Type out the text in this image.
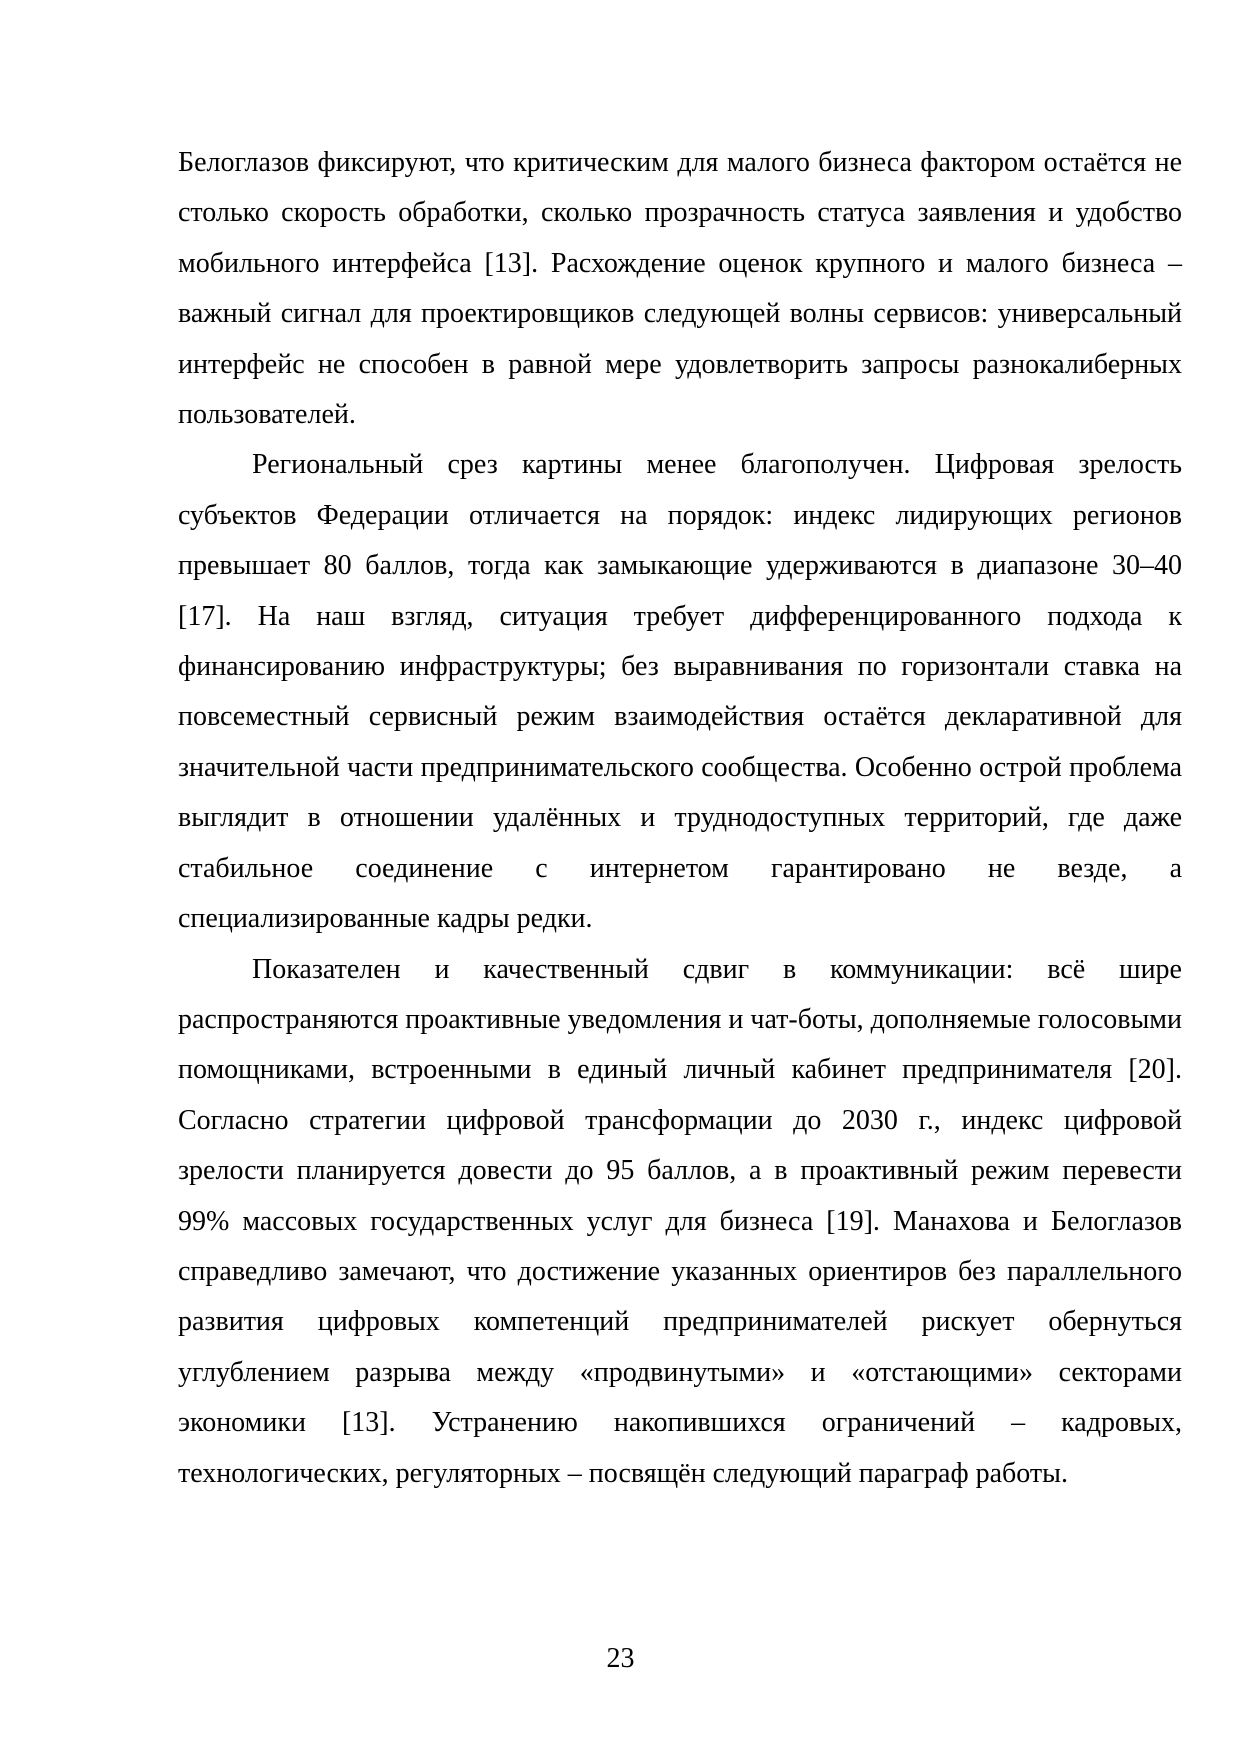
Белоглазов фиксируют, что критическим для малого бизнеса фактором остаётся не столько скорость обработки, сколько прозрачность статуса заявления и удобство мобильного интерфейса [13]. Расхождение оценок крупного и малого бизнеса – важный сигнал для проектировщиков следующей волны сервисов: универсальный интерфейс не способен в равной мере удовлетворить запросы разнокалиберных пользователей.

Региональный срез картины менее благополучен. Цифровая зрелость субъектов Федерации отличается на порядок: индекс лидирующих регионов превышает 80 баллов, тогда как замыкающие удерживаются в диапазоне 30–40 [17]. На наш взгляд, ситуация требует дифференцированного подхода к финансированию инфраструктуры; без выравнивания по горизонтали ставка на повсеместный сервисный режим взаимодействия остаётся декларативной для значительной части предпринимательского сообщества. Особенно острой проблема выглядит в отношении удалённых и труднодоступных территорий, где даже стабильное соединение с интернетом гарантировано не везде, а специализированные кадры редки.

Показателен и качественный сдвиг в коммуникации: всё шире распространяются проактивные уведомления и чат-боты, дополняемые голосовыми помощниками, встроенными в единый личный кабинет предпринимателя [20]. Согласно стратегии цифровой трансформации до 2030 г., индекс цифровой зрелости планируется довести до 95 баллов, а в проактивный режим перевести 99% массовых государственных услуг для бизнеса [19]. Манахова и Белоглазов справедливо замечают, что достижение указанных ориентиров без параллельного развития цифровых компетенций предпринимателей рискует обернуться углублением разрыва между «продвинутыми» и «отстающими» секторами экономики [13]. Устранению накопившихся ограничений – кадровых, технологических, регуляторных – посвящён следующий параграф работы.

23
